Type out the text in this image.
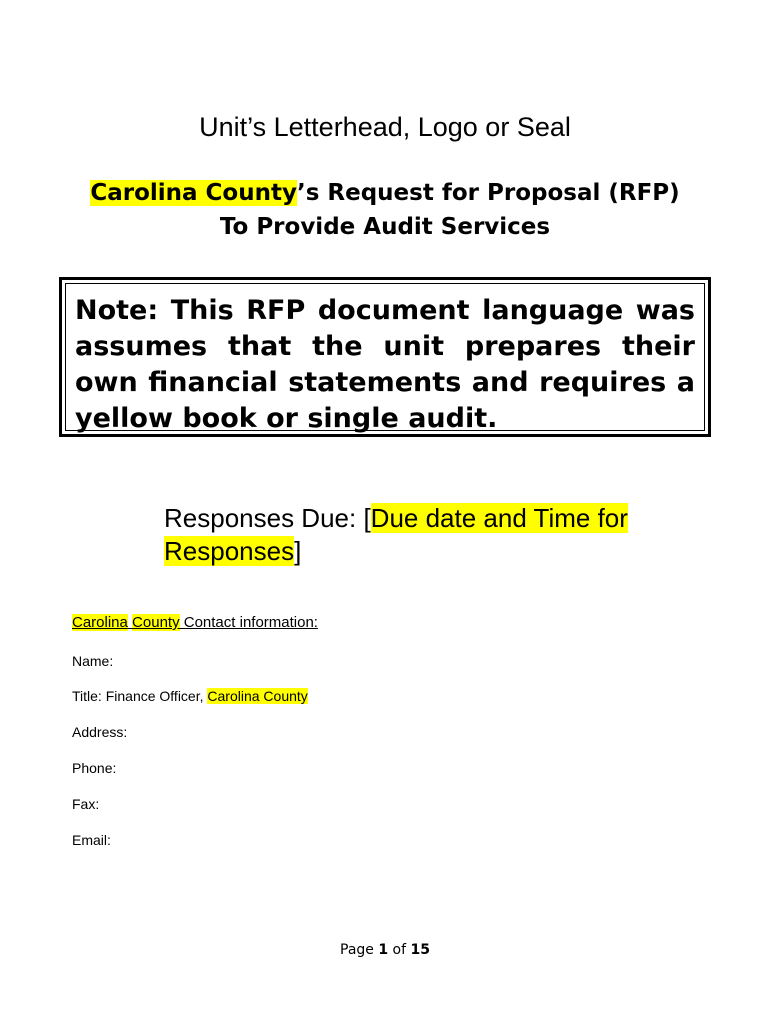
Unit’s Letterhead, Logo or Seal
Carolina County’s Request for Proposal (RFP)
To Provide Audit Services

Note: This RFP document language was assumes that the unit prepares their own financial statements and requires a yellow book or single audit.

Responses Due: [Due date and Time for Responses]
Carolina County Contact information:
Name:
Title: Finance Officer, Carolina County
Address:
Phone:
Fax:
Email:
Page 1 of 15
